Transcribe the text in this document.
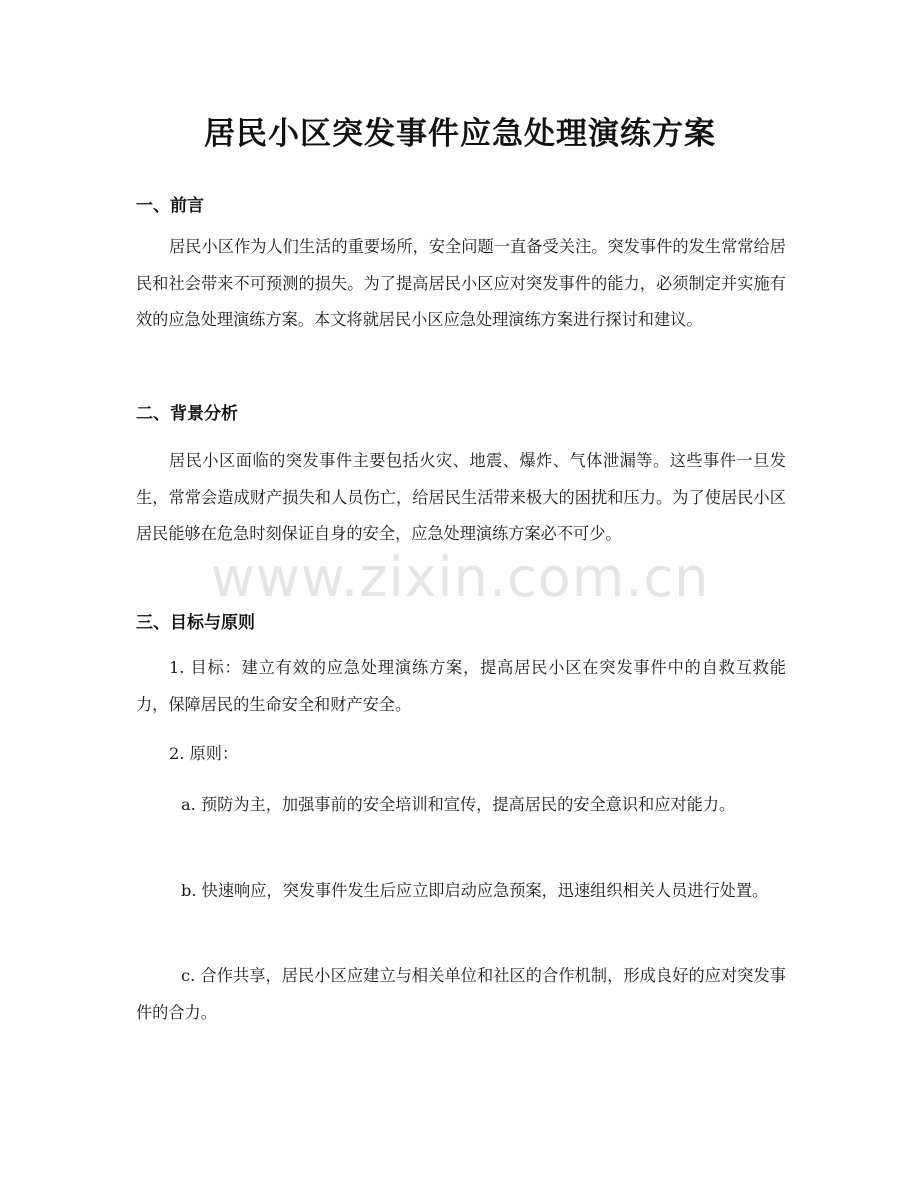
居民小区突发事件应急处理演练方案
一、前言
居民小区作为人们生活的重要场所，安全问题一直备受关注。突发事件的发生常常给居民和社会带来不可预测的损失。为了提高居民小区应对突发事件的能力，必须制定并实施有效的应急处理演练方案。本文将就居民小区应急处理演练方案进行探讨和建议。
二、背景分析
居民小区面临的突发事件主要包括火灾、地震、爆炸、气体泄漏等。这些事件一旦发生，常常会造成财产损失和人员伤亡，给居民生活带来极大的困扰和压力。为了使居民小区居民能够在危急时刻保证自身的安全，应急处理演练方案必不可少。
三、目标与原则
1. 目标：建立有效的应急处理演练方案，提高居民小区在突发事件中的自救互救能力，保障居民的生命安全和财产安全。
2. 原则：
a. 预防为主，加强事前的安全培训和宣传，提高居民的安全意识和应对能力。
b. 快速响应，突发事件发生后应立即启动应急预案，迅速组织相关人员进行处置。
c. 合作共享，居民小区应建立与相关单位和社区的合作机制，形成良好的应对突发事件的合力。
www.zixin.com.cn
